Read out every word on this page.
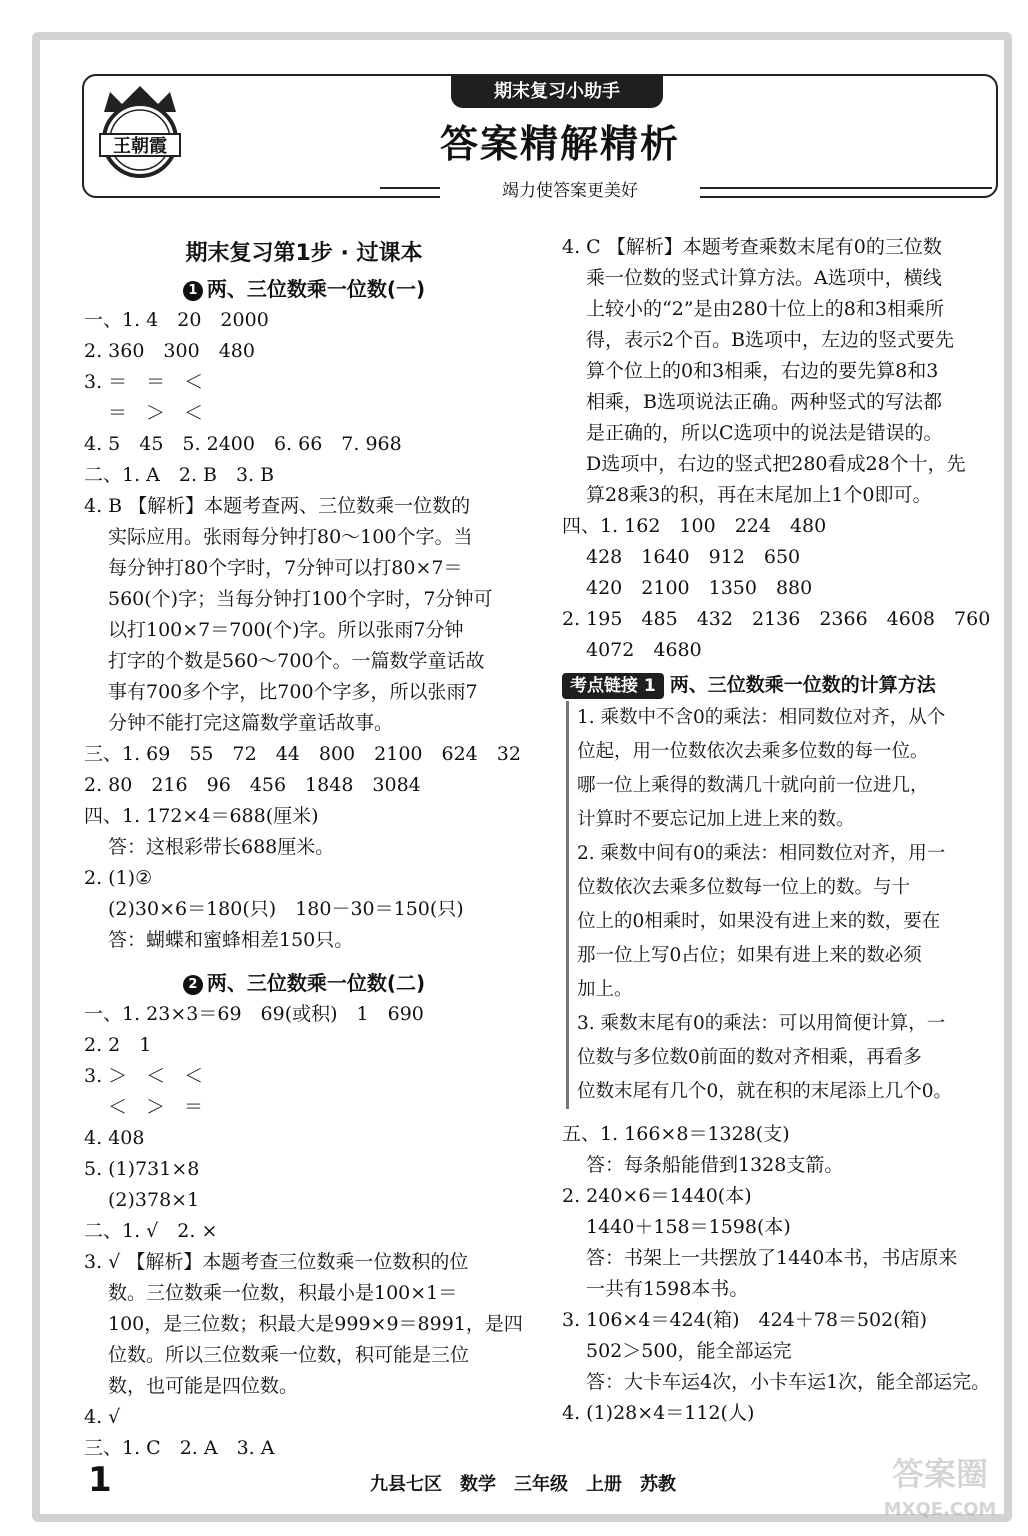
王朝霞
期末复习小助手
答案精解精析
竭力使答案更美好

期末复习第1步 · 过课本

1 两、三位数乘一位数(一)

一、1. 4　20　2000

2. 360　300　480

3. ＝　＝　＜

＝　＞　＜

4. 5　45　5. 2400　6. 66　7. 968

二、1. A　2. B　3. B

4. B 【解析】本题考查两、三位数乘一位数的

实际应用。张雨每分钟打80～100个字。当

每分钟打80个字时，7分钟可以打80×7＝

560(个)字；当每分钟打100个字时，7分钟可

以打100×7＝700(个)字。所以张雨7分钟

打字的个数是560～700个。一篇数学童话故

事有700多个字，比700个字多，所以张雨7

分钟不能打完这篇数学童话故事。

三、1. 69　55　72　44　800　2100　624　32

2. 80　216　96　456　1848　3084

四、1. 172×4＝688(厘米)

答：这根彩带长688厘米。

2. (1)②

(2)30×6＝180(只)　180－30＝150(只)

答：蝴蝶和蜜蜂相差150只。

2 两、三位数乘一位数(二)

一、1. 23×3＝69　69(或积)　1　690

2. 2　1

3. ＞　＜　＜

＜　＞　＝

4. 408

5. (1)731×8

(2)378×1

二、1. √　2. ×

3. √ 【解析】本题考查三位数乘一位数积的位

数。三位数乘一位数，积最小是100×1＝

100，是三位数；积最大是999×9＝8991，是四

位数。所以三位数乘一位数，积可能是三位

数，也可能是四位数。

4. √

三、1. C　2. A　3. A

4. C 【解析】本题考查乘数末尾有0的三位数

乘一位数的竖式计算方法。A选项中，横线

上较小的“2”是由280十位上的8和3相乘所

得，表示2个百。B选项中，左边的竖式要先

算个位上的0和3相乘，右边的要先算8和3

相乘，B选项说法正确。两种竖式的写法都

是正确的，所以C选项中的说法是错误的。

D选项中，右边的竖式把280看成28个十，先

算28乘3的积，再在末尾加上1个0即可。

四、1. 162　100　224　480

428　1640　912　650

420　2100　1350　880

2. 195　485　432　2136　2366　4608　760

4072　4680

考点链接 1 两、三位数乘一位数的计算方法

1. 乘数中不含0的乘法：相同数位对齐，从个

位起，用一位数依次去乘多位数的每一位。

哪一位上乘得的数满几十就向前一位进几，

计算时不要忘记加上进上来的数。

2. 乘数中间有0的乘法：相同数位对齐，用一

位数依次去乘多位数每一位上的数。与十

位上的0相乘时，如果没有进上来的数，要在

那一位上写0占位；如果有进上来的数必须

加上。

3. 乘数末尾有0的乘法：可以用简便计算，一

位数与多位数0前面的数对齐相乘，再看多

位数末尾有几个0，就在积的末尾添上几个0。

五、1. 166×8＝1328(支)

答：每条船能借到1328支箭。

2. 240×6＝1440(本)

1440＋158＝1598(本)

答：书架上一共摆放了1440本书，书店原来

一共有1598本书。

3. 106×4＝424(箱)　424＋78＝502(箱)

502＞500，能全部运完

答：大卡车运4次，小卡车运1次，能全部运完。

4. (1)28×4＝112(人)

1	九县七区　数学　三年级　上册　苏教	答案圈
MXQE.COM
